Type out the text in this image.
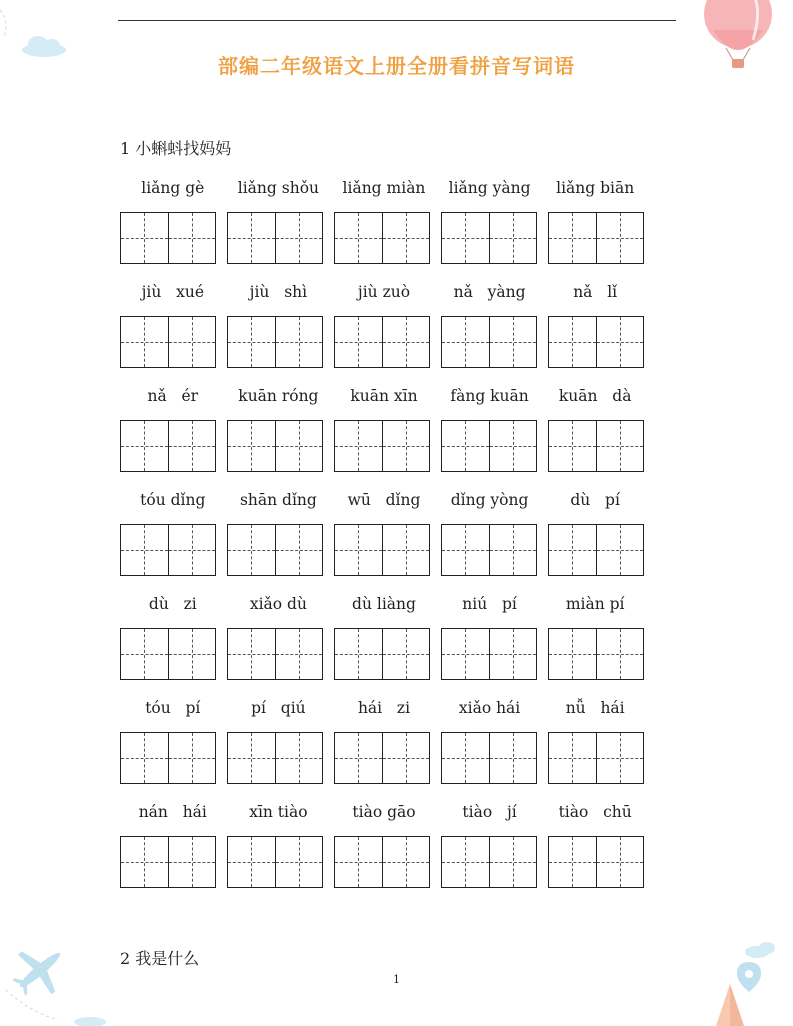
部编二年级语文上册全册看拼音写词语
1 小蝌蚪找妈妈
liǎng gè	liǎng shǒu	liǎng miàn	liǎng yàng	liǎng biān
jiù   xué	jiù   shì	jiù zuò	nǎ   yàng	nǎ   lǐ
nǎ   ér	kuān róng	kuān xīn	fàng kuān	kuān   dà
tóu dǐng	shān dǐng	wū   dǐng	dǐng yòng	dù   pí
dù   zi	xiǎo dù	dù liàng	niú   pí	miàn pí
tóu   pí	pí   qiú	hái   zi	xiǎo hái	nǚ   hái
nán   hái	xīn tiào	tiào gāo	tiào   jí	tiào   chū
2 我是什么
1
